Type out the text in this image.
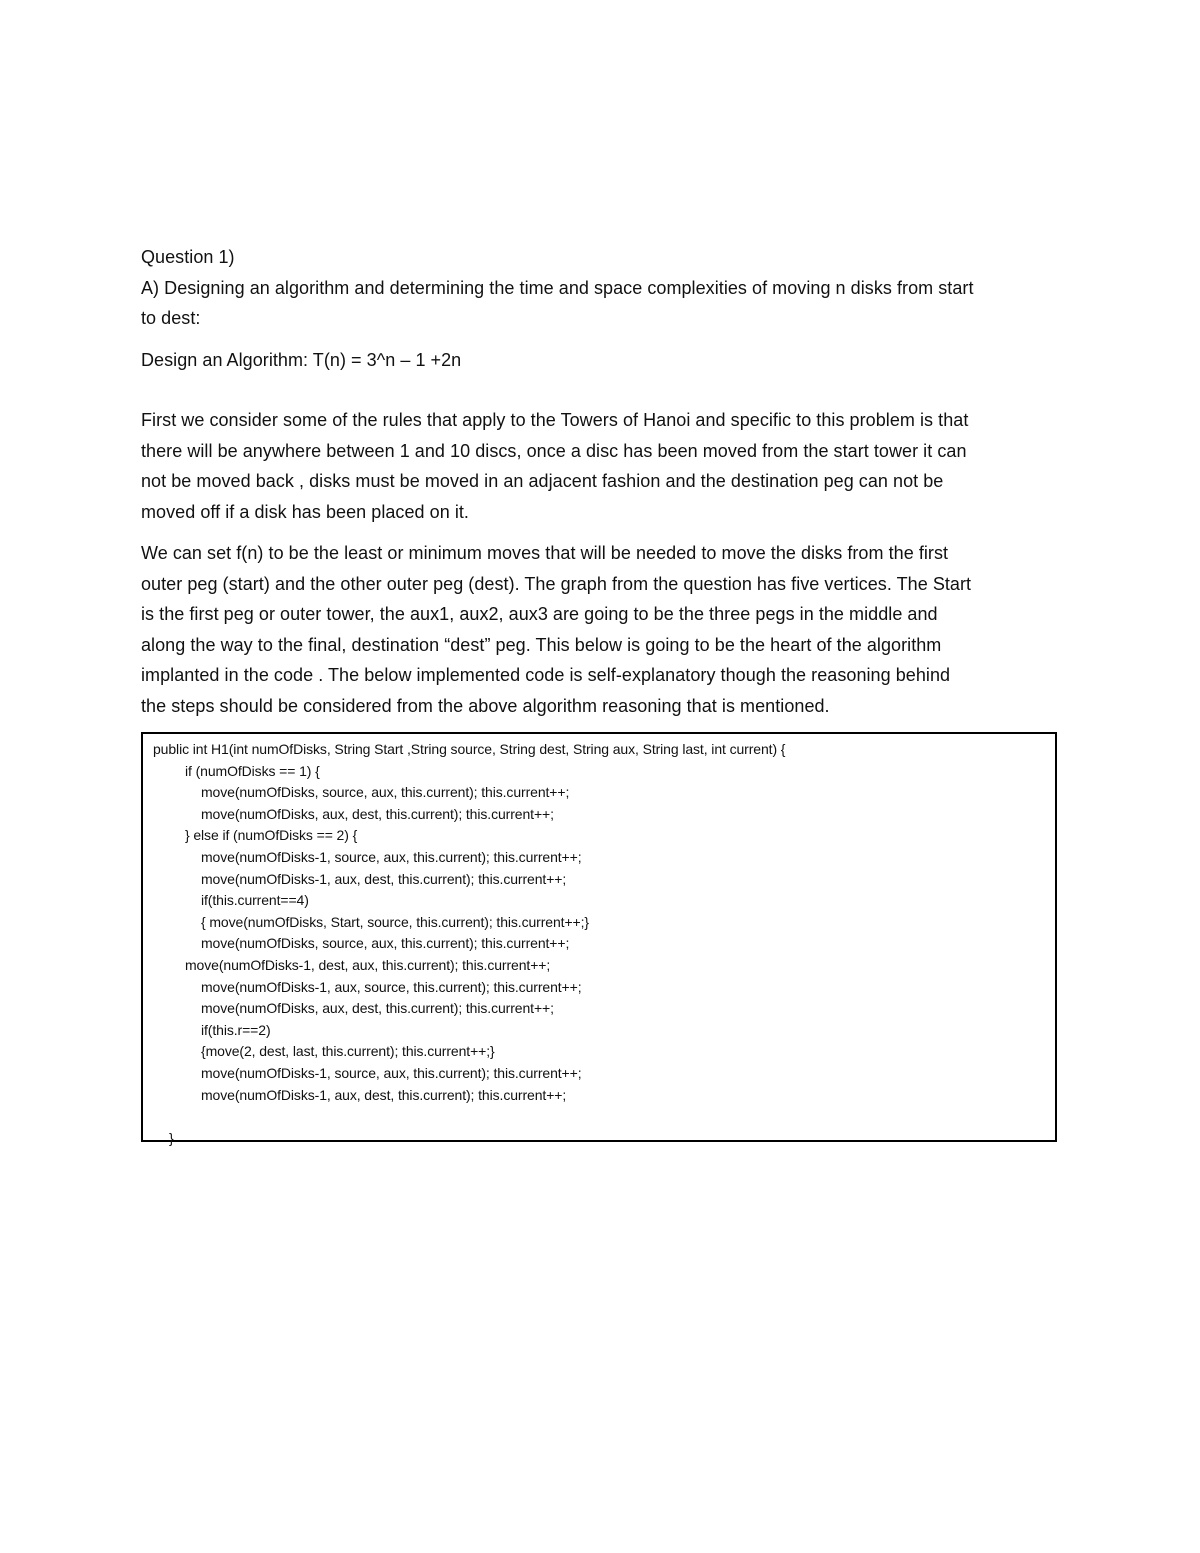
Question 1)
A) Designing an algorithm and determining the time and space complexities of moving n disks from start
to dest:
Design an Algorithm: T(n) = 3^n – 1 +2n
First we consider some of the rules that apply to the Towers of Hanoi and specific to this problem is that
there will be anywhere between 1 and 10 discs, once a disc has been moved from the start tower it can
not be moved back , disks must be moved in an adjacent fashion and the destination peg can not be
moved off if a disk has been placed on it.
We can set f(n) to be the least or minimum moves that will be needed to move the disks from the first
outer peg (start) and the other outer peg (dest). The graph from the question has five vertices. The Start
is the first peg or outer tower, the aux1, aux2, aux3 are going to be the three pegs in the middle and
along the way to the final, destination “dest” peg. This below is going to be the heart of the algorithm
implanted in the code . The below implemented code is self-explanatory though the reasoning behind
the steps should be considered from the above algorithm reasoning that is mentioned.
public int H1(int numOfDisks, String Start ,String source, String dest, String aux, String last, int current) {
if (numOfDisks == 1) {
move(numOfDisks, source, aux, this.current); this.current++;
move(numOfDisks, aux, dest, this.current); this.current++;
} else if (numOfDisks == 2) {
move(numOfDisks-1, source, aux, this.current); this.current++;
move(numOfDisks-1, aux, dest, this.current); this.current++;
if(this.current==4)
{ move(numOfDisks, Start, source, this.current); this.current++;}
move(numOfDisks, source, aux, this.current); this.current++;
move(numOfDisks-1, dest, aux, this.current); this.current++;
move(numOfDisks-1, aux, source, this.current); this.current++;
move(numOfDisks, aux, dest, this.current); this.current++;
if(this.r==2)
{move(2, dest, last, this.current); this.current++;}
move(numOfDisks-1, source, aux, this.current); this.current++;
move(numOfDisks-1, aux, dest, this.current); this.current++;
}
